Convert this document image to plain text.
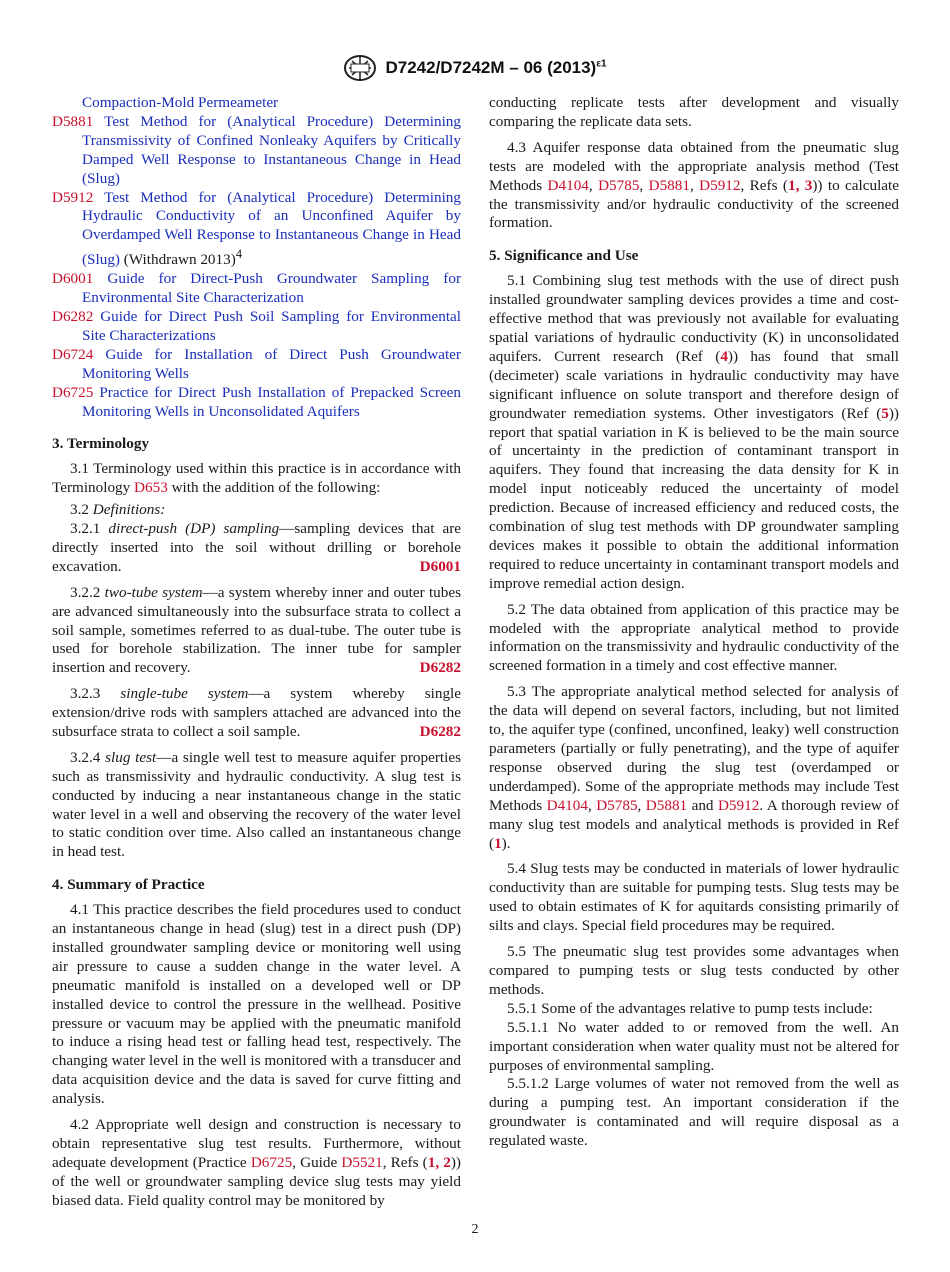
D7242/D7242M – 06 $(2013)^{\varepsilon 1}$

Compaction-Mold Permeameter

D5881 Test Method for (Analytical Procedure) Determining Transmissivity of Confined Nonleaky Aquifers by Critically Damped Well Response to Instantaneous Change in Head (Slug)

D5912 Test Method for (Analytical Procedure) Determining Hydraulic Conductivity of an Unconfined Aquifer by Overdamped Well Response to Instantaneous Change in Head (Slug) (Withdrawn 2013)$^4$

D6001 Guide for Direct-Push Groundwater Sampling for Environmental Site Characterization

D6282 Guide for Direct Push Soil Sampling for Environmental Site Characterizations

D6724 Guide for Installation of Direct Push Groundwater Monitoring Wells

D6725 Practice for Direct Push Installation of Prepacked Screen Monitoring Wells in Unconsolidated Aquifers

3. Terminology

3.1 Terminology used within this practice is in accordance with Terminology D653 with the addition of the following:

3.2 Definitions:

3.2.1 direct-push (DP) sampling—sampling devices that are directly inserted into the soil without drilling or borehole excavation.	D6001

3.2.2 two-tube system—a system whereby inner and outer tubes are advanced simultaneously into the subsurface strata to collect a soil sample, sometimes referred to as dual-tube. The outer tube is used for borehole stabilization. The inner tube for sampler insertion and recovery.	D6282

3.2.3 single-tube system—a system whereby single extension/drive rods with samplers attached are advanced into the subsurface strata to collect a soil sample.	D6282

3.2.4 slug test—a single well test to measure aquifer properties such as transmissivity and hydraulic conductivity. A slug test is conducted by inducing a near instantaneous change in the static water level in a well and observing the recovery of the water level to static condition over time. Also called an instantaneous change in head test.

4. Summary of Practice

4.1 This practice describes the field procedures used to conduct an instantaneous change in head (slug) test in a direct push (DP) installed groundwater sampling device or monitoring well using air pressure to cause a sudden change in the water level. A pneumatic manifold is installed on a developed well or DP installed device to control the pressure in the wellhead. Positive pressure or vacuum may be applied with the pneumatic manifold to induce a rising head test or falling head test, respectively. The changing water level in the well is monitored with a transducer and data acquisition device and the data is saved for curve fitting and analysis.

4.2 Appropriate well design and construction is necessary to obtain representative slug test results. Furthermore, without adequate development (Practice D6725, Guide D5521, Refs (1, 2)) of the well or groundwater sampling device slug tests may yield biased data. Field quality control may be monitored by

conducting replicate tests after development and visually comparing the replicate data sets.

4.3 Aquifer response data obtained from the pneumatic slug tests are modeled with the appropriate analysis method (Test Methods D4104, D5785, D5881, D5912, Refs (1, 3)) to calculate the transmissivity and/or hydraulic conductivity of the screened formation.

5. Significance and Use

5.1 Combining slug test methods with the use of direct push installed groundwater sampling devices provides a time and cost-effective method that was previously not available for evaluating spatial variations of hydraulic conductivity (K) in unconsolidated aquifers. Current research (Ref (4)) has found that small (decimeter) scale variations in hydraulic conductivity may have significant influence on solute transport and therefore design of groundwater remediation systems. Other investigators (Ref (5)) report that spatial variation in K is believed to be the main source of uncertainty in the prediction of contaminant transport in aquifers. They found that increasing the data density for K in model input noticeably reduced the uncertainty of model prediction. Because of increased efficiency and reduced costs, the combination of slug test methods with DP groundwater sampling devices makes it possible to obtain the additional information required to reduce uncertainty in contaminant transport models and improve remedial action design.

5.2 The data obtained from application of this practice may be modeled with the appropriate analytical method to provide information on the transmissivity and hydraulic conductivity of the screened formation in a timely and cost effective manner.

5.3 The appropriate analytical method selected for analysis of the data will depend on several factors, including, but not limited to, the aquifer type (confined, unconfined, leaky) well construction parameters (partially or fully penetrating), and the type of aquifer response observed during the slug test (overdamped or underdamped). Some of the appropriate methods may include Test Methods D4104, D5785, D5881 and D5912. A thorough review of many slug test models and analytical methods is provided in Ref (1).

5.4 Slug tests may be conducted in materials of lower hydraulic conductivity than are suitable for pumping tests. Slug tests may be used to obtain estimates of K for aquitards consisting primarily of silts and clays. Special field procedures may be required.

5.5 The pneumatic slug test provides some advantages when compared to pumping tests or slug tests conducted by other methods.

5.5.1 Some of the advantages relative to pump tests include:

5.5.1.1 No water added to or removed from the well. An important consideration when water quality must not be altered for purposes of environmental sampling.

5.5.1.2 Large volumes of water not removed from the well as during a pumping test. An important consideration if the groundwater is contaminated and will require disposal as a regulated waste.

2
